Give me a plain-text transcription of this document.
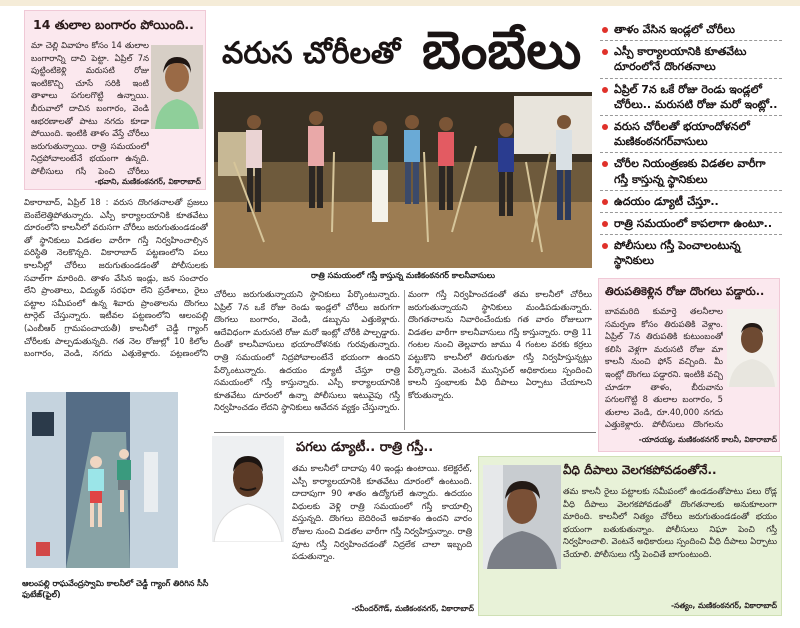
14 తులాల బంగారం పోయింది..
మా చెల్లి వివాహం కోసం 14 తులాల బంగారాన్ని దాచి పెట్టా. ఏప్రిల్ 7న పుట్టింటికెళ్లి మరుసటి రోజు ఇంటికొచ్చి చూసే సరికి ఇంటి తాళాలు పగులగొట్టి ఉన్నాయి. బీరువాలో దాచిన బంగారం, వెండి ఆభరణాలతో పాటు నగదు కూడా పోయింది. ఇంటికి తాళం వేస్తే చోరీలు జరుగుతున్నాయి. రాత్రి సమయంలో నిద్రపోవాలంటేనే భయంగా ఉన్నది. పోలీసులు గస్తీ పెంచి చోరీలు
-భవాని, మణికంఠనగర్, వికారాబాద్
వరుస చోరీలతో బెంబేలు
రాత్రి సమయంలో గస్తీ కాస్తున్న మణికంఠనగర్ కాలనీవాసులు
తాళం వేసిన ఇండ్లలో చోరీలు
ఎస్పీ కార్యాలయానికి కూతవేటు దూరంలోనే దొంగతనాలు
ఏప్రిల్ 7న ఒకే రోజు రెండు ఇండ్లలో చోరీలు.. మరుసటి రోజు మరో ఇంట్లో..
వరుస చోరీలతో భయాందోళనలో మణికంఠనగర్‌వాసులు
చోరీల నియంత్రణకు విడతల వారీగా గస్తీ కాస్తున్న స్థానికులు
ఉదయం డ్యూటీ చేస్తూ..
రాత్రి సమయంలో కాపలాగా ఉంటూ..
పోలీసులు గస్తీ పెంచాలంటున్న స్థానికులు
వికారాబాద్, ఏప్రిల్ 18 : వరుస దొంగతనాలతో ప్రజలు బెంబేలెత్తిపోతున్నారు. ఎస్పీ కార్యాలయానికి కూతవేటు దూరంలోని కాలనీలో వరుసగా చోరీలు జరుగుతుండడంతో తో స్థానికులు విడతల వారీగా గస్తీ నిర్వహించాల్సిన పరిస్థితి నెలకొన్నది. వికారాబాద్ పట్టణంలోని పలు కాలనీల్లో చోరీలు జరుగుతుండడంతో పోలీసులకు సవాల్‌గా మారింది. తాళం వేసిన ఇండ్లు, జన సంచారం లేని ప్రాంతాలు, విద్యుత్ సరఫరా లేని ప్రదేశాలు, రైలు పట్టాల సమీపంలో ఉన్న శివారు ప్రాంతాలను దొంగలు టార్గెట్ చేస్తున్నారు. ఇటీవల పట్టణంలోని ఆలంపల్లి (ఎంబీఆర్ గ్రామపంచాయతీ) కాలనీలో చెడ్డీ గ్యాంగ్ చోరీలకు పాల్పడుతున్నది. గత నెల రోజుల్లో 10 కిలోల బంగారం, వెండి, నగదు ఎత్తుకెళ్లారు. పట్టణంలోని
ఆలంపల్లి రాఘవేంద్రస్వామి కాలనీలో చెడ్డీ గ్యాంగ్ తిరిగిన సీసీ ఫుటేజ్(ఫైల్)
చోరీలు జరుగుతున్నాయని స్థానికులు పేర్కొంటున్నారు. ఏప్రిల్ 7న ఒకే రోజు రెండు ఇండ్లలో చోరీలు జరుగగా దొంగలు బంగారం, వెండి, డబ్బును ఎత్తుకెళ్లారు. ఆదేవిధంగా మరుసటి రోజు మరో ఇంట్లో చోరీకి పాల్పడ్డారు. దీంతో కాలనీవాసులు భయాందోళనకు గురవుతున్నారు. రాత్రి సమయంలో నిద్రపోవాలంటేనే భయంగా ఉందని పేర్కొంటున్నారు. ఉదయం డ్యూటీ చేస్తూ రాత్రి సమయంలో గస్తీ కాస్తున్నారు. ఎస్పీ కార్యాలయానికి కూతవేటు దూరంలో ఉన్నా పోలీసులు ఇటువైపు గస్తీ నిర్వహించడం లేదని స్థానికులు ఆవేదన వ్యక్తం చేస్తున్నారు.
మంగా గస్తీ నిర్వహించడంతో తమ కాలనీలో చోరీలు జరుగుతున్నాయని స్థానికులు మండిపడుతున్నారు. దొంగతనాలను నివారించేందుకు గత వారం రోజులుగా విడతల వారీగా కాలనీవాసులు గస్తీ కాస్తున్నారు. రాత్రి 11 గంటల నుంచి తెల్లవారు జాము 4 గంటల వరకు కర్రలు పట్టుకొని కాలనీలో తిరుగుతూ గస్తీ నిర్వహిస్తున్నట్లు పేర్కొన్నారు. వెంటనే మున్సిపల్ అధికారులు స్పందించి కాలనీ స్తంభాలకు వీధి దీపాలు ఏర్పాటు చేయాలని కోరుతున్నారు.
తిరుపతికెళ్లిన రోజు దొంగలు పడ్డారు..
బావమరిది కుమార్తె తలనీలాల సమర్పణ కోసం తిరుపతికి వెళ్లాం. ఏప్రిల్ 7న తిరుపతికి కుటుంబంతో కలిసి వెళ్లగా మరుసటి రోజు మా కాలనీ నుంచి ఫోన్ వచ్చింది. మీ ఇంట్లో దొంగలు పడ్డారని. ఇంటికి వచ్చి చూడగా తాళం, బీరువాను పగులగొట్టి 8 తులాల బంగారం, 5 తులాల వెండి, రూ.40,000 నగదు ఎత్తుకెళ్లారు. పోలీసులు దొంగలను
-యాదయ్య, మణికంఠనగర్ కాలనీ, వికారాబాద్
పగలు డ్యూటీ.. రాత్రి గస్తీ..
తమ కాలనీలో దాదాపు 40 ఇండ్లు ఉంటాయి. కలెక్టరేట్, ఎస్పీ కార్యాలయానికి కూతవేటు దూరంలో ఉంటుంది. దాదాపుగా 90 శాతం ఉద్యోగులే ఉన్నారు. ఉదయం విధులకు వెళ్లి రాత్రి సమయంలో గస్తీ కాయాల్సి వస్తున్నది. దొంగలు బెదిరించే అవకాశం ఉందని వారం రోజుల నుంచి విడతల వారీగా గస్తీ నిర్వహిస్తున్నాం. రాత్రి పూట గస్తీ నిర్వహించడంతో నిద్రలేక చాలా ఇబ్బంది పడుతున్నాం.
-రవీందర్‌గౌడ్, మణికంఠనగర్, వికారాబాద్
వీధి దీపాలు వెలగకపోవడంతోనే..
తమ కాలనీ రైలు పట్టాలకు సమీపంలో ఉండడంతోపాటు పలు రోడ్ల వీధి దీపాలు వెలగకపోవడంతో దొంగతనాలకు అనుకూలంగా మారింది. కాలనీలో నిత్యం చోరీలు జరుగుతుండడంతో భయం భయంగా బతుకుతున్నాం. పోలీసులు నిఘా పెంచి గస్తీ నిర్వహించాలి. వెంటనే అధికారులు స్పందించి వీధి దీపాలు ఏర్పాటు చేయాలి. పోలీసులు గస్తీ పెంచితే బాగుంటుంది.
-సత్యం, మణికంఠనగర్, వికారాబాద్
